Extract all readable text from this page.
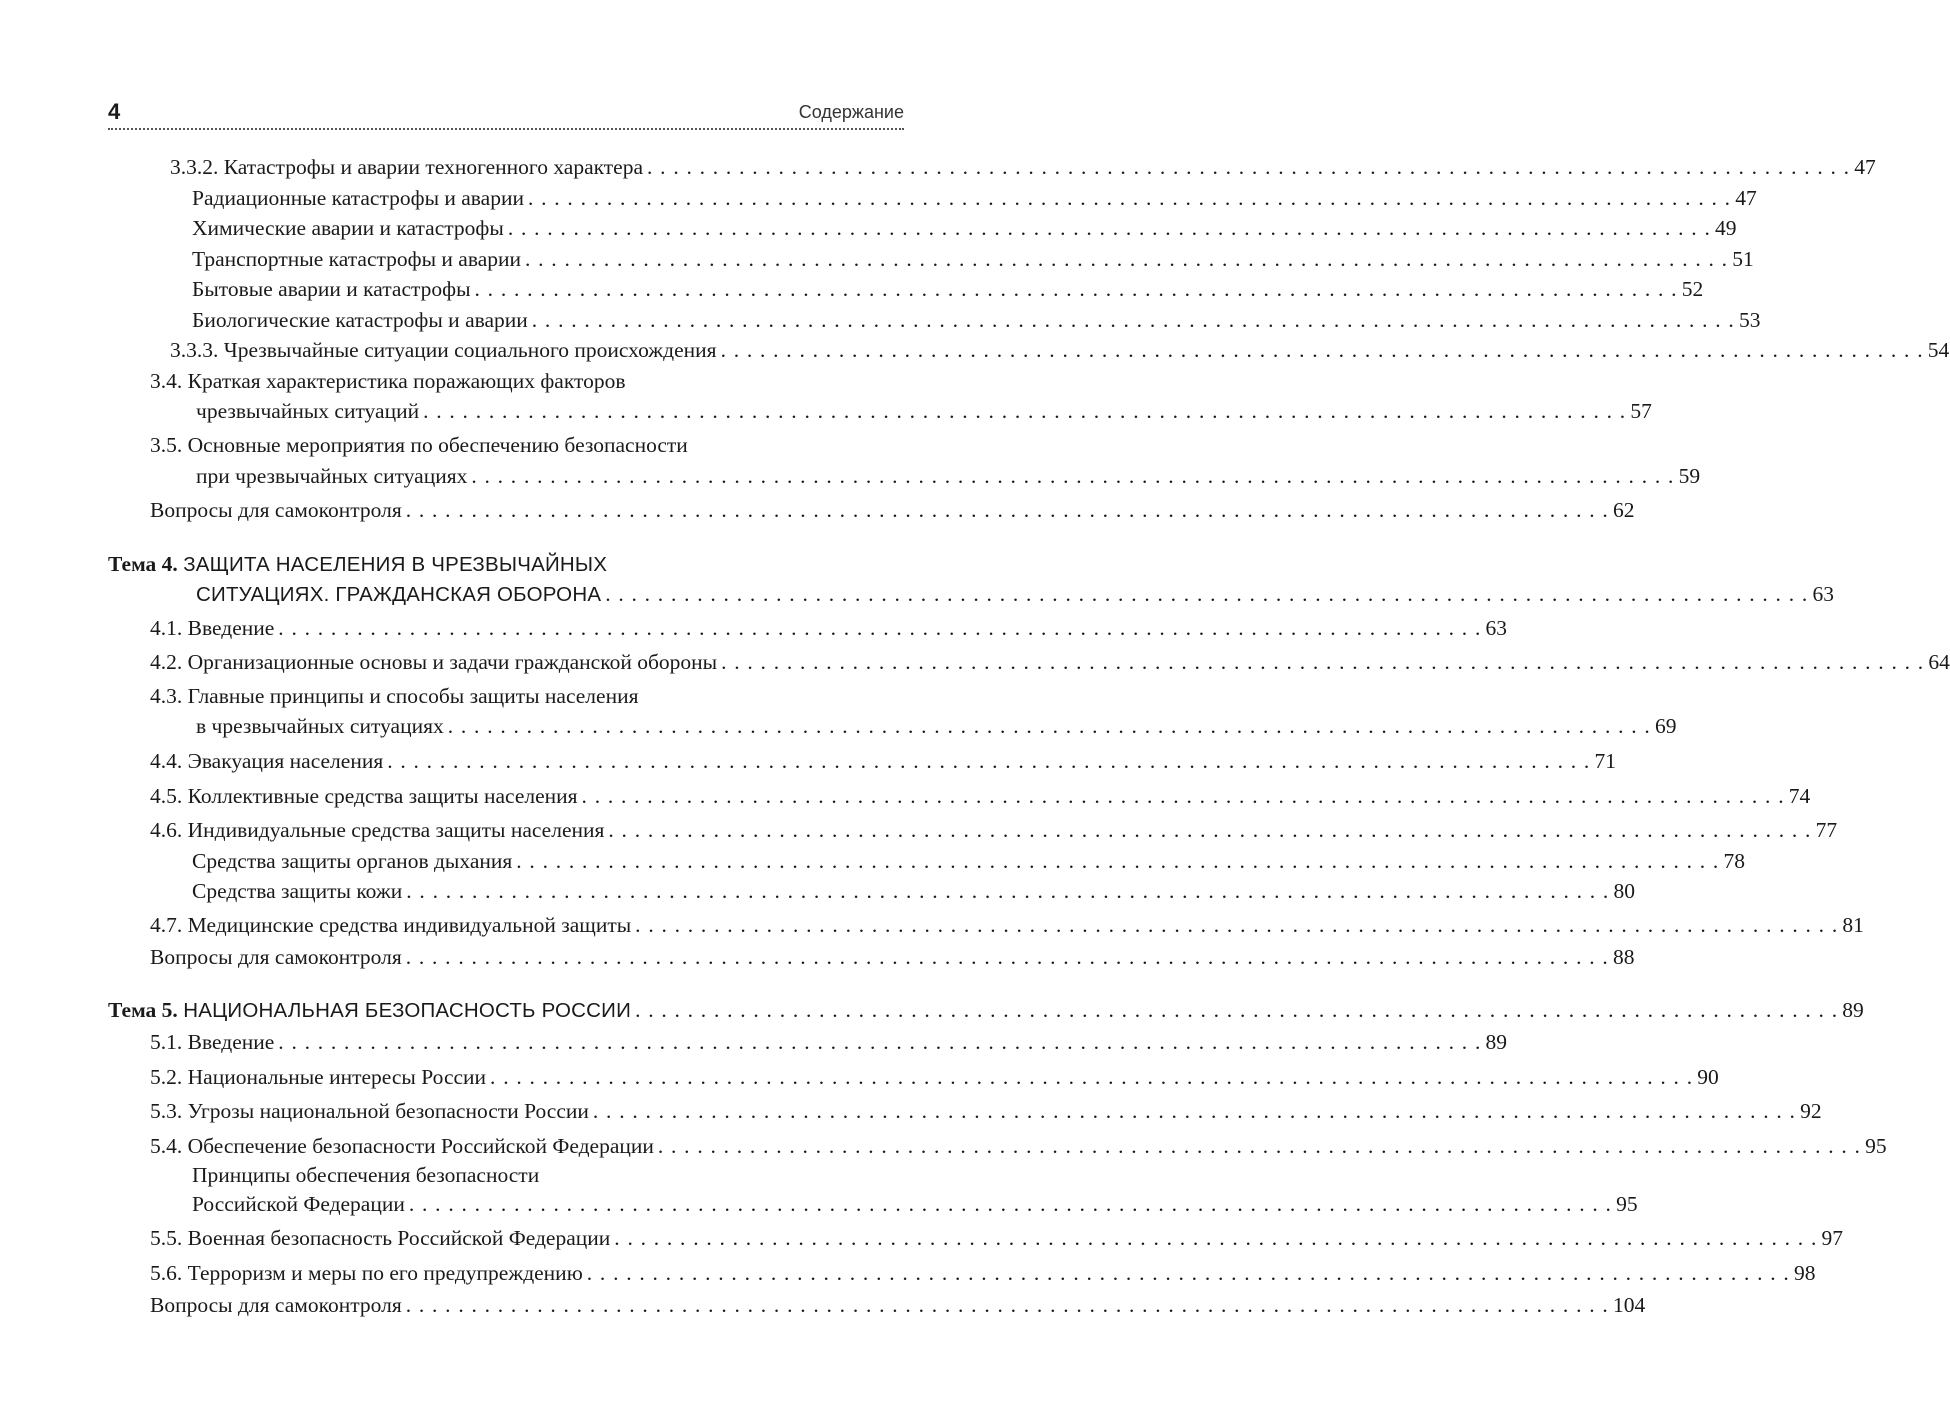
4	Содержание
3.3.2. Катастрофы и аварии техногенного характера . . .	47
Радиационные катастрофы и аварии . . .	47
Химические аварии и катастрофы . . .	49
Транспортные катастрофы и аварии . . .	51
Бытовые аварии и катастрофы . . .	52
Биологические катастрофы и аварии . . .	53
3.3.3. Чрезвычайные ситуации социального происхождения . . .	54
3.4. Краткая характеристика поражающих факторов
чрезвычайных ситуаций . . .	57
3.5. Основные мероприятия по обеспечению безопасности
при чрезвычайных ситуациях . . .	59
Вопросы для самоконтроля . . .	62
Тема 4. ЗАЩИТА НАСЕЛЕНИЯ В ЧРЕЗВЫЧАЙНЫХ
СИТУАЦИЯХ. ГРАЖДАНСКАЯ ОБОРОНА . . .	63
4.1. Введение . . .	63
4.2. Организационные основы и задачи гражданской обороны . . .	64
4.3. Главные принципы и способы защиты населения
в чрезвычайных ситуациях . . .	69
4.4. Эвакуация населения . . .	71
4.5. Коллективные средства защиты населения . . .	74
4.6. Индивидуальные средства защиты населения . . .	77
Средства защиты органов дыхания . . .	78
Средства защиты кожи . . .	80
4.7. Медицинские средства индивидуальной защиты . . .	81
Вопросы для самоконтроля . . .	88
Тема 5. НАЦИОНАЛЬНАЯ БЕЗОПАСНОСТЬ РОССИИ . . .	89
5.1. Введение . . .	89
5.2. Национальные интересы России . . .	90
5.3. Угрозы национальной безопасности России . . .	92
5.4. Обеспечение безопасности Российской Федерации . . .	95
Принципы обеспечения безопасности
Российской Федерации . . .	95
5.5. Военная безопасность Российской Федерации . . .	97
5.6. Терроризм и меры по его предупреждению . . .	98
Вопросы для самоконтроля . . .	104
